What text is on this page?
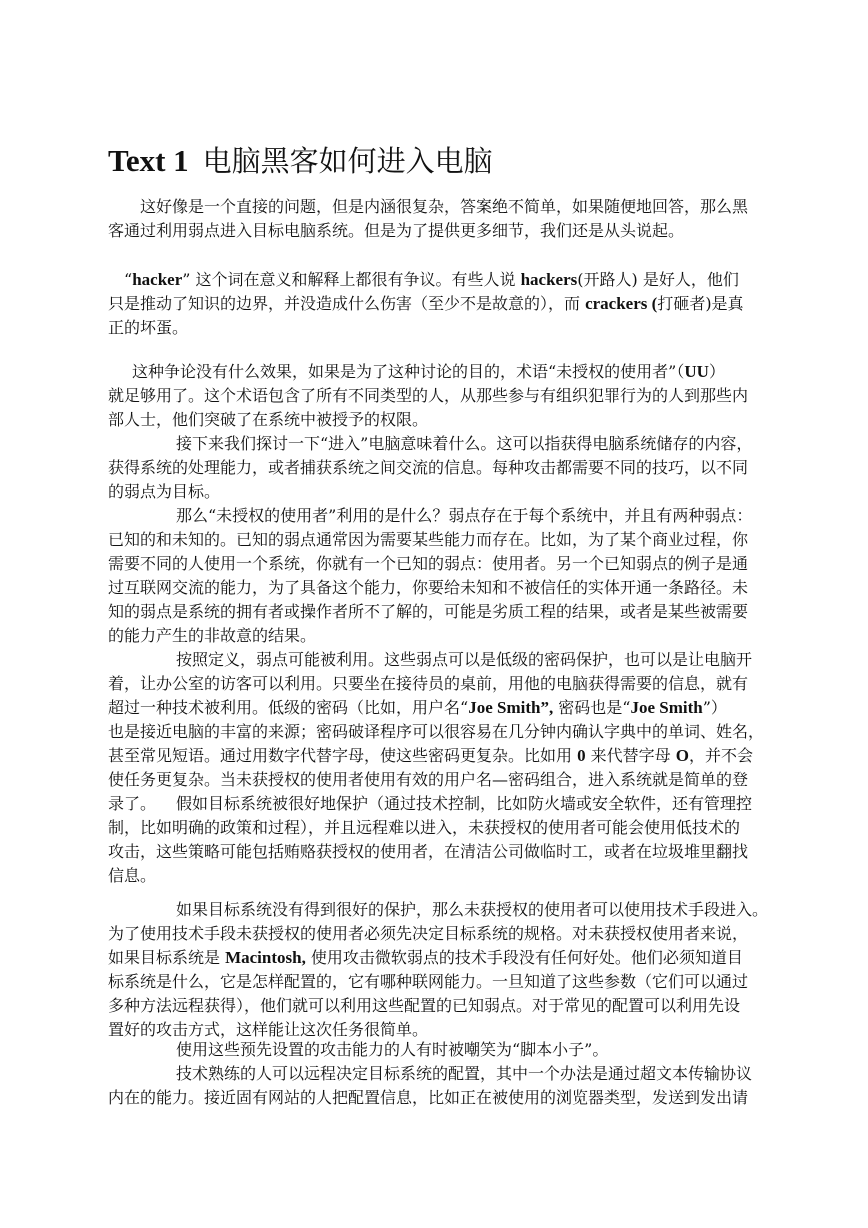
Text 1 电脑黑客如何进入电脑
这好像是一个直接的问题，但是内涵很复杂，答案绝不简单，如果随便地回答，那么黑
客通过利用弱点进入目标电脑系统。但是为了提供更多细节，我们还是从头说起。
“hacker” 这个词在意义和解释上都很有争议。有些人说 hackers(开路人) 是好人，他们
只是推动了知识的边界，并没造成什么伤害（至少不是故意的），而 crackers (打砸者)是真
正的坏蛋。
这种争论没有什么效果，如果是为了这种讨论的目的，术语“未授权的使用者”（UU）
就足够用了。这个术语包含了所有不同类型的人，从那些参与有组织犯罪行为的人到那些内
部人士，他们突破了在系统中被授予的权限。
接下来我们探讨一下“进入”电脑意味着什么。这可以指获得电脑系统储存的内容，
获得系统的处理能力，或者捕获系统之间交流的信息。每种攻击都需要不同的技巧，以不同
的弱点为目标。
那么“未授权的使用者”利用的是什么？弱点存在于每个系统中，并且有两种弱点：
已知的和未知的。已知的弱点通常因为需要某些能力而存在。比如，为了某个商业过程，你
需要不同的人使用一个系统，你就有一个已知的弱点：使用者。另一个已知弱点的例子是通
过互联网交流的能力，为了具备这个能力，你要给未知和不被信任的实体开通一条路径。未
知的弱点是系统的拥有者或操作者所不了解的，可能是劣质工程的结果，或者是某些被需要
的能力产生的非故意的结果。
按照定义，弱点可能被利用。这些弱点可以是低级的密码保护，也可以是让电脑开
着，让办公室的访客可以利用。只要坐在接待员的桌前，用他的电脑获得需要的信息，就有
超过一种技术被利用。低级的密码（比如，用户名“Joe Smith”, 密码也是“Joe Smith”）
也是接近电脑的丰富的来源；密码破译程序可以很容易在几分钟内确认字典中的单词、姓名，
甚至常见短语。通过用数字代替字母，使这些密码更复杂。比如用 0 来代替字母 O，并不会
使任务更复杂。当未获授权的使用者使用有效的用户名—密码组合，进入系统就是简单的登
录了。 假如目标系统被很好地保护（通过技术控制，比如防火墙或安全软件，还有管理控
制，比如明确的政策和过程），并且远程难以进入，未获授权的使用者可能会使用低技术的
攻击，这些策略可能包括贿赂获授权的使用者，在清洁公司做临时工，或者在垃圾堆里翻找
信息。
如果目标系统没有得到很好的保护，那么未获授权的使用者可以使用技术手段进入。
为了使用技术手段未获授权的使用者必须先决定目标系统的规格。对未获授权使用者来说，
如果目标系统是 Macintosh, 使用攻击微软弱点的技术手段没有任何好处。他们必须知道目
标系统是什么，它是怎样配置的，它有哪种联网能力。一旦知道了这些参数（它们可以通过
多种方法远程获得），他们就可以利用这些配置的已知弱点。对于常见的配置可以利用先设
置好的攻击方式，这样能让这次任务很简单。
使用这些预先设置的攻击能力的人有时被嘲笑为“脚本小子”。
技术熟练的人可以远程决定目标系统的配置，其中一个办法是通过超文本传输协议
内在的能力。接近固有网站的人把配置信息，比如正在被使用的浏览器类型，发送到发出请
